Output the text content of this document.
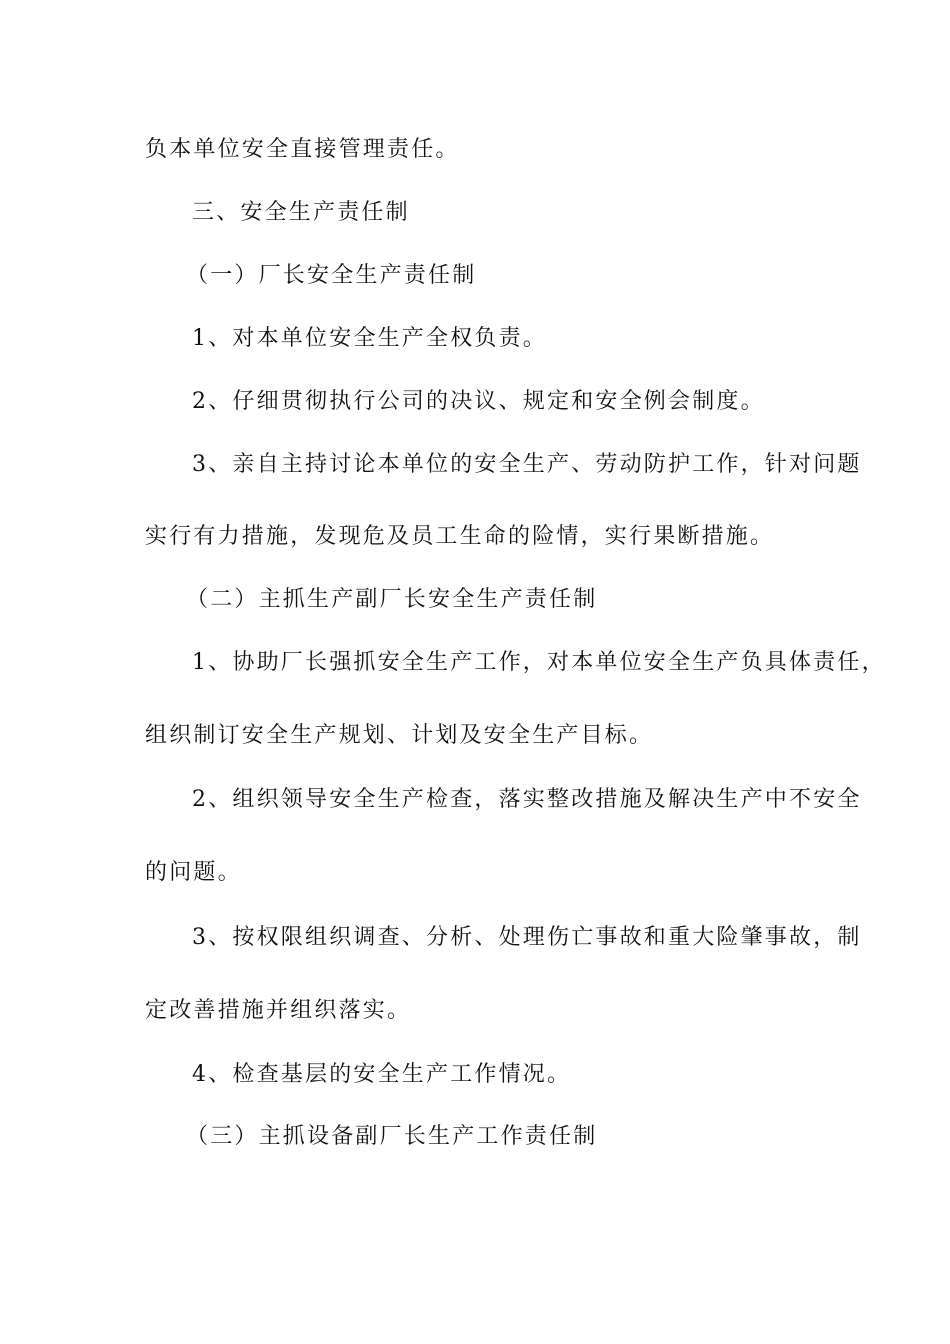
负本单位安全直接管理责任。
三、安全生产责任制
（一）厂长安全生产责任制
1、对本单位安全生产全权负责。
2、仔细贯彻执行公司的决议、规定和安全例会制度。
3、亲自主持讨论本单位的安全生产、劳动防护工作，针对问题
实行有力措施，发现危及员工生命的险情，实行果断措施。
（二）主抓生产副厂长安全生产责任制
1、协助厂长强抓安全生产工作，对本单位安全生产负具体责任，
组织制订安全生产规划、计划及安全生产目标。
2、组织领导安全生产检查，落实整改措施及解决生产中不安全
的问题。
3、按权限组织调查、分析、处理伤亡事故和重大险肇事故，制
定改善措施并组织落实。
4、检查基层的安全生产工作情况。
（三）主抓设备副厂长生产工作责任制
